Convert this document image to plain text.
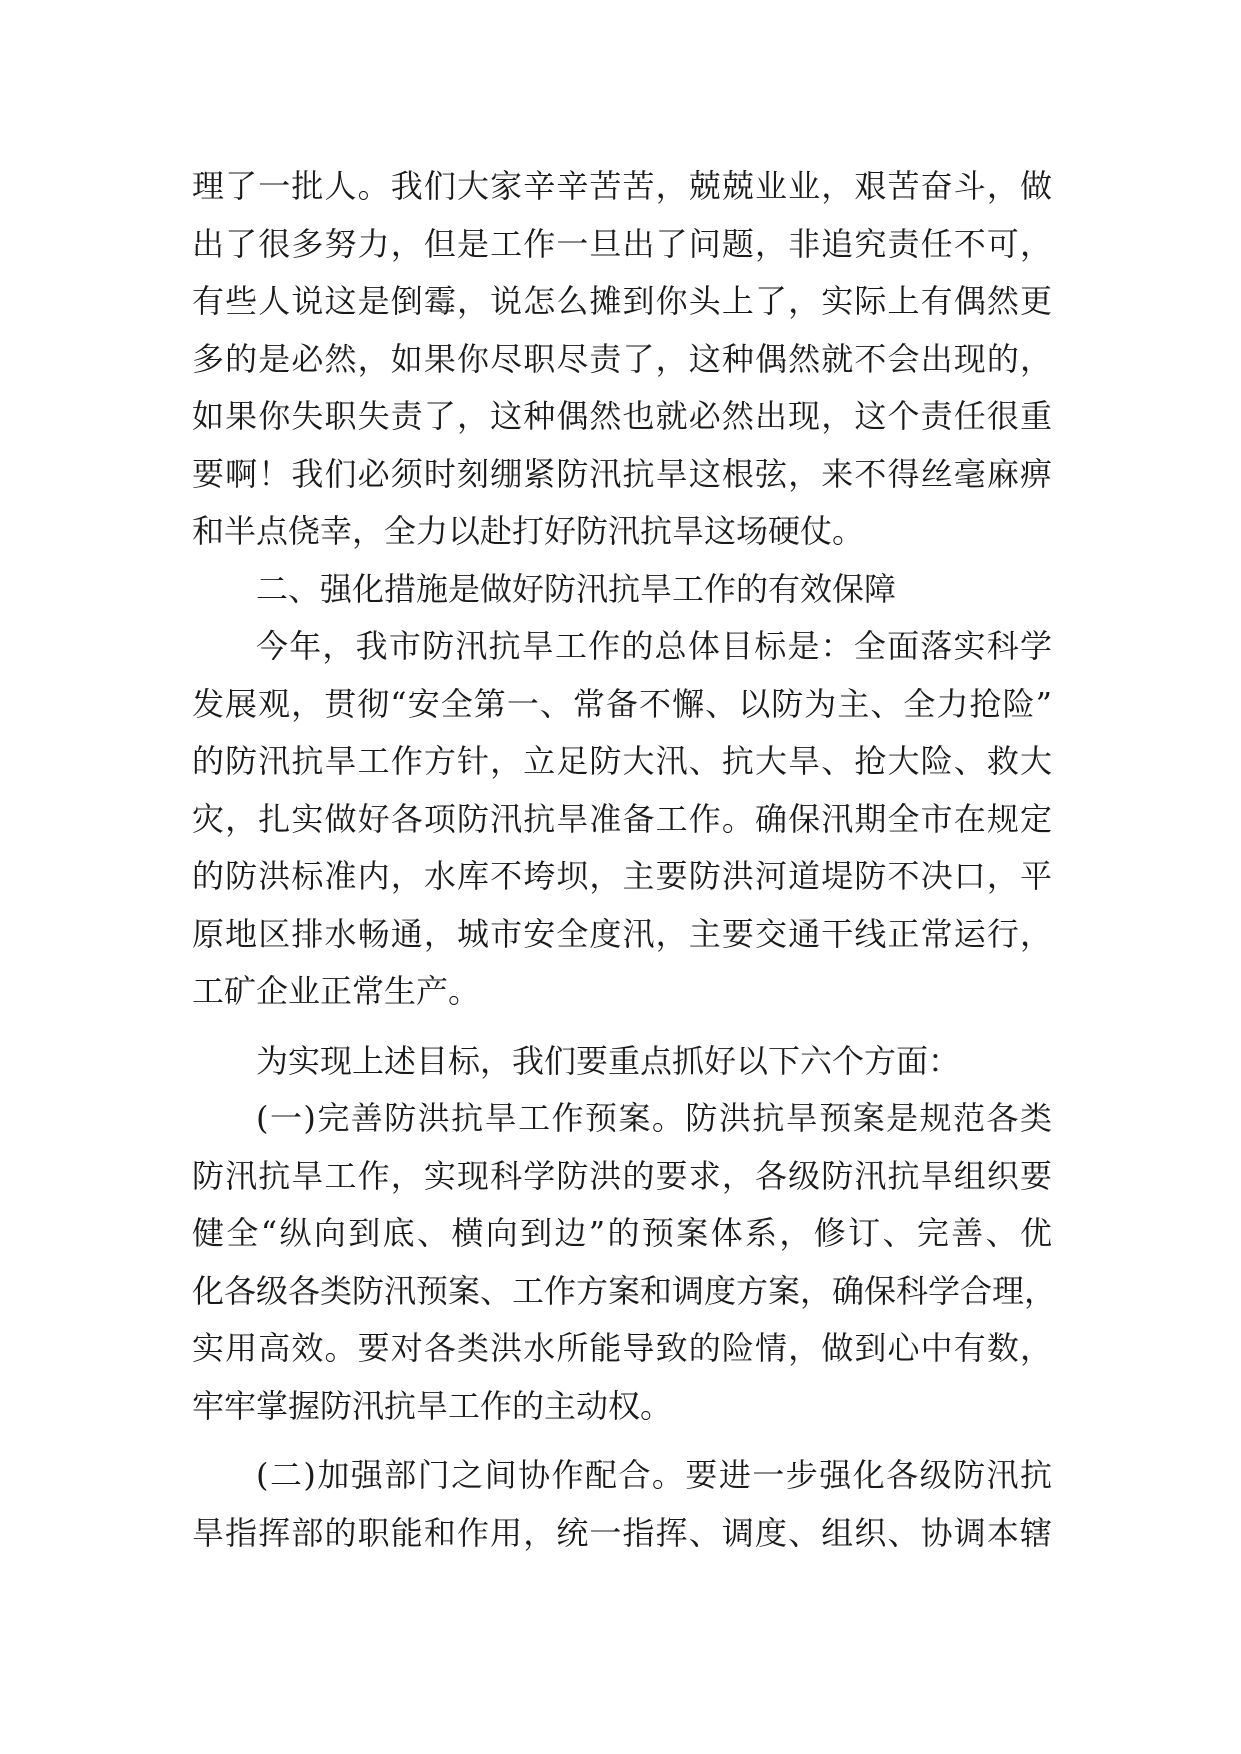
理了一批人。我们大家辛辛苦苦，兢兢业业，艰苦奋斗，做
出了很多努力，但是工作一旦出了问题，非追究责任不可，
有些人说这是倒霉，说怎么摊到你头上了，实际上有偶然更
多的是必然，如果你尽职尽责了，这种偶然就不会出现的，
如果你失职失责了，这种偶然也就必然出现，这个责任很重
要啊！我们必须时刻绷紧防汛抗旱这根弦，来不得丝毫麻痹
和半点侥幸，全力以赴打好防汛抗旱这场硬仗。
二、强化措施是做好防汛抗旱工作的有效保障
今年，我市防汛抗旱工作的总体目标是：全面落实科学
发展观，贯彻“安全第一、常备不懈、以防为主、全力抢险”
的防汛抗旱工作方针，立足防大汛、抗大旱、抢大险、救大
灾，扎实做好各项防汛抗旱准备工作。确保汛期全市在规定
的防洪标准内，水库不垮坝，主要防洪河道堤防不决口，平
原地区排水畅通，城市安全度汛，主要交通干线正常运行，
工矿企业正常生产。
为实现上述目标，我们要重点抓好以下六个方面：
(一)完善防洪抗旱工作预案。防洪抗旱预案是规范各类
防汛抗旱工作，实现科学防洪的要求，各级防汛抗旱组织要
健全“纵向到底、横向到边”的预案体系，修订、完善、优
化各级各类防汛预案、工作方案和调度方案，确保科学合理，
实用高效。要对各类洪水所能导致的险情，做到心中有数，
牢牢掌握防汛抗旱工作的主动权。
(二)加强部门之间协作配合。要进一步强化各级防汛抗
旱指挥部的职能和作用，统一指挥、调度、组织、协调本辖
